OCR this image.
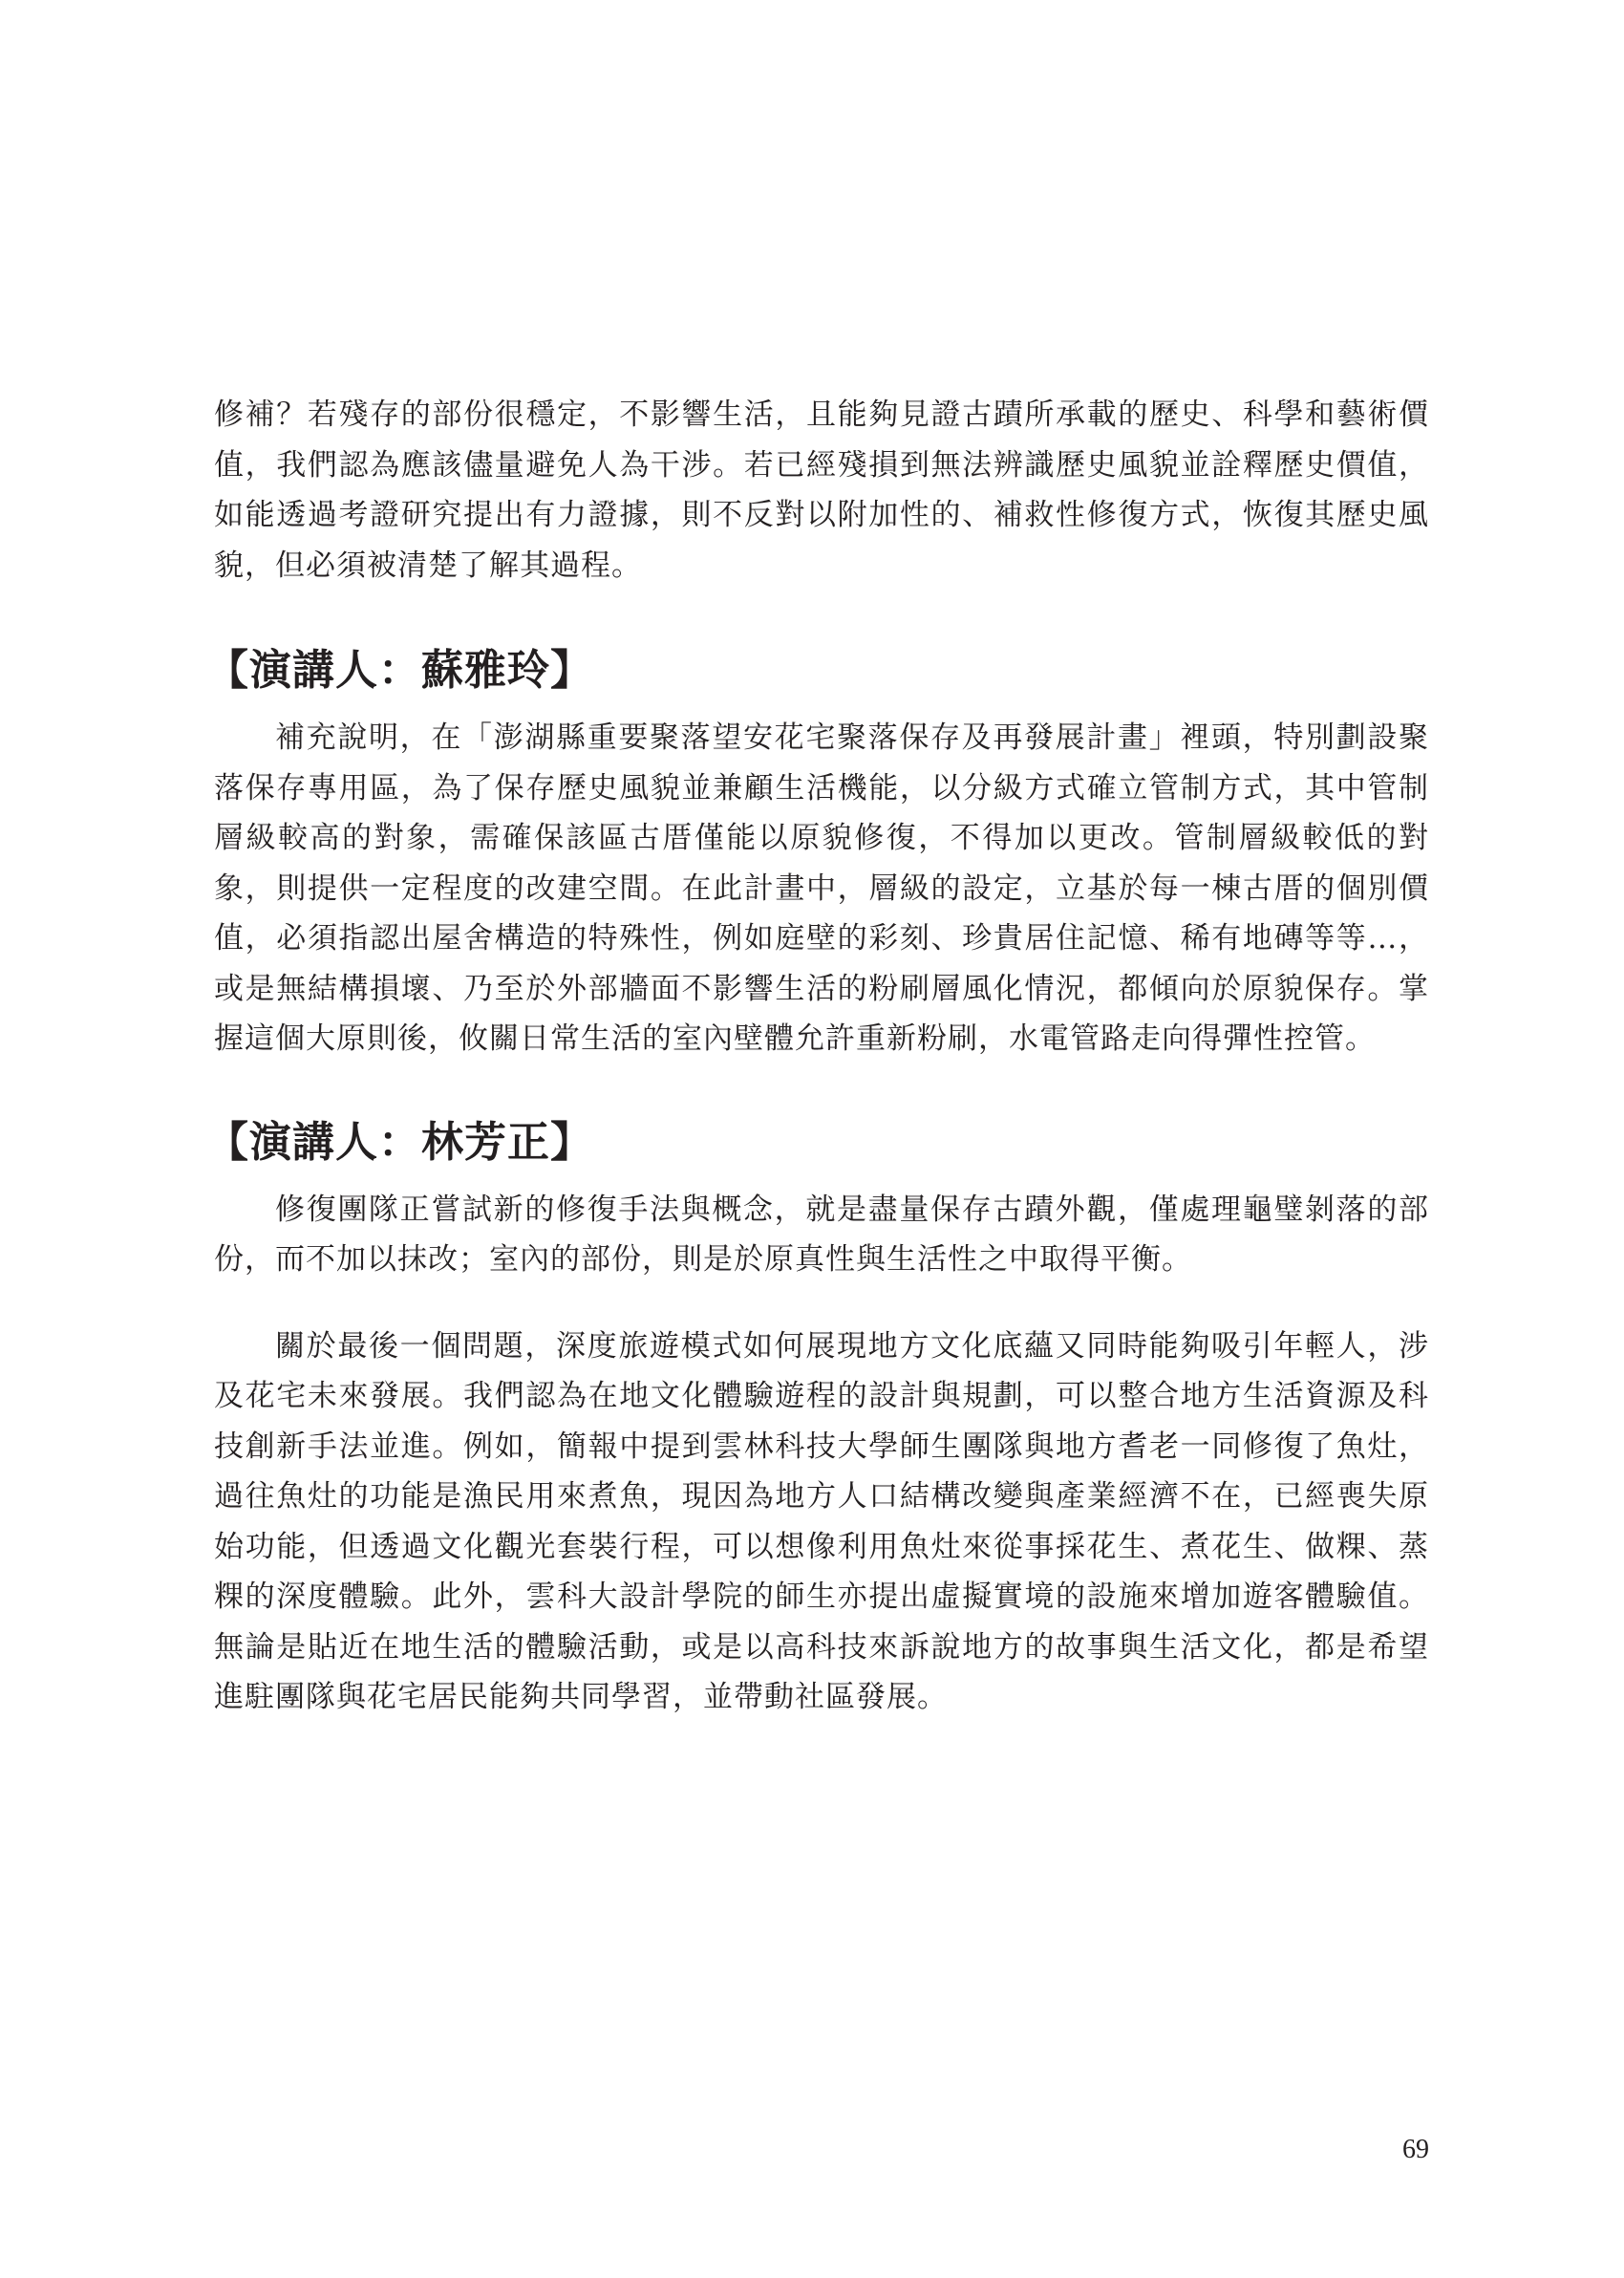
修補？若殘存的部份很穩定，不影響生活，且能夠見證古蹟所承載的歷史、科學和藝術價值，我們認為應該儘量避免人為干涉。若已經殘損到無法辨識歷史風貌並詮釋歷史價值，如能透過考證研究提出有力證據，則不反對以附加性的、補救性修復方式，恢復其歷史風貌，但必須被清楚了解其過程。

【演講人：蘇雅玲】

補充說明，在「澎湖縣重要聚落望安花宅聚落保存及再發展計畫」裡頭，特別劃設聚落保存專用區，為了保存歷史風貌並兼顧生活機能，以分級方式確立管制方式，其中管制層級較高的對象，需確保該區古厝僅能以原貌修復，不得加以更改。管制層級較低的對象，則提供一定程度的改建空間。在此計畫中，層級的設定，立基於每一棟古厝的個別價值，必須指認出屋舍構造的特殊性，例如庭壁的彩刻、珍貴居住記憶、稀有地磚等等…，或是無結構損壞、乃至於外部牆面不影響生活的粉刷層風化情況，都傾向於原貌保存。掌握這個大原則後，攸關日常生活的室內壁體允許重新粉刷，水電管路走向得彈性控管。

【演講人：林芳正】

修復團隊正嘗試新的修復手法與概念，就是盡量保存古蹟外觀，僅處理龜璧剝落的部份，而不加以抹改；室內的部份，則是於原真性與生活性之中取得平衡。

關於最後一個問題，深度旅遊模式如何展現地方文化底蘊又同時能夠吸引年輕人，涉及花宅未來發展。我們認為在地文化體驗遊程的設計與規劃，可以整合地方生活資源及科技創新手法並進。例如，簡報中提到雲林科技大學師生團隊與地方耆老一同修復了魚灶，過往魚灶的功能是漁民用來煮魚，現因為地方人口結構改變與產業經濟不在，已經喪失原始功能，但透過文化觀光套裝行程，可以想像利用魚灶來從事採花生、煮花生、做粿、蒸粿的深度體驗。此外，雲科大設計學院的師生亦提出虛擬實境的設施來增加遊客體驗值。無論是貼近在地生活的體驗活動，或是以高科技來訴說地方的故事與生活文化，都是希望進駐團隊與花宅居民能夠共同學習，並帶動社區發展。

69
